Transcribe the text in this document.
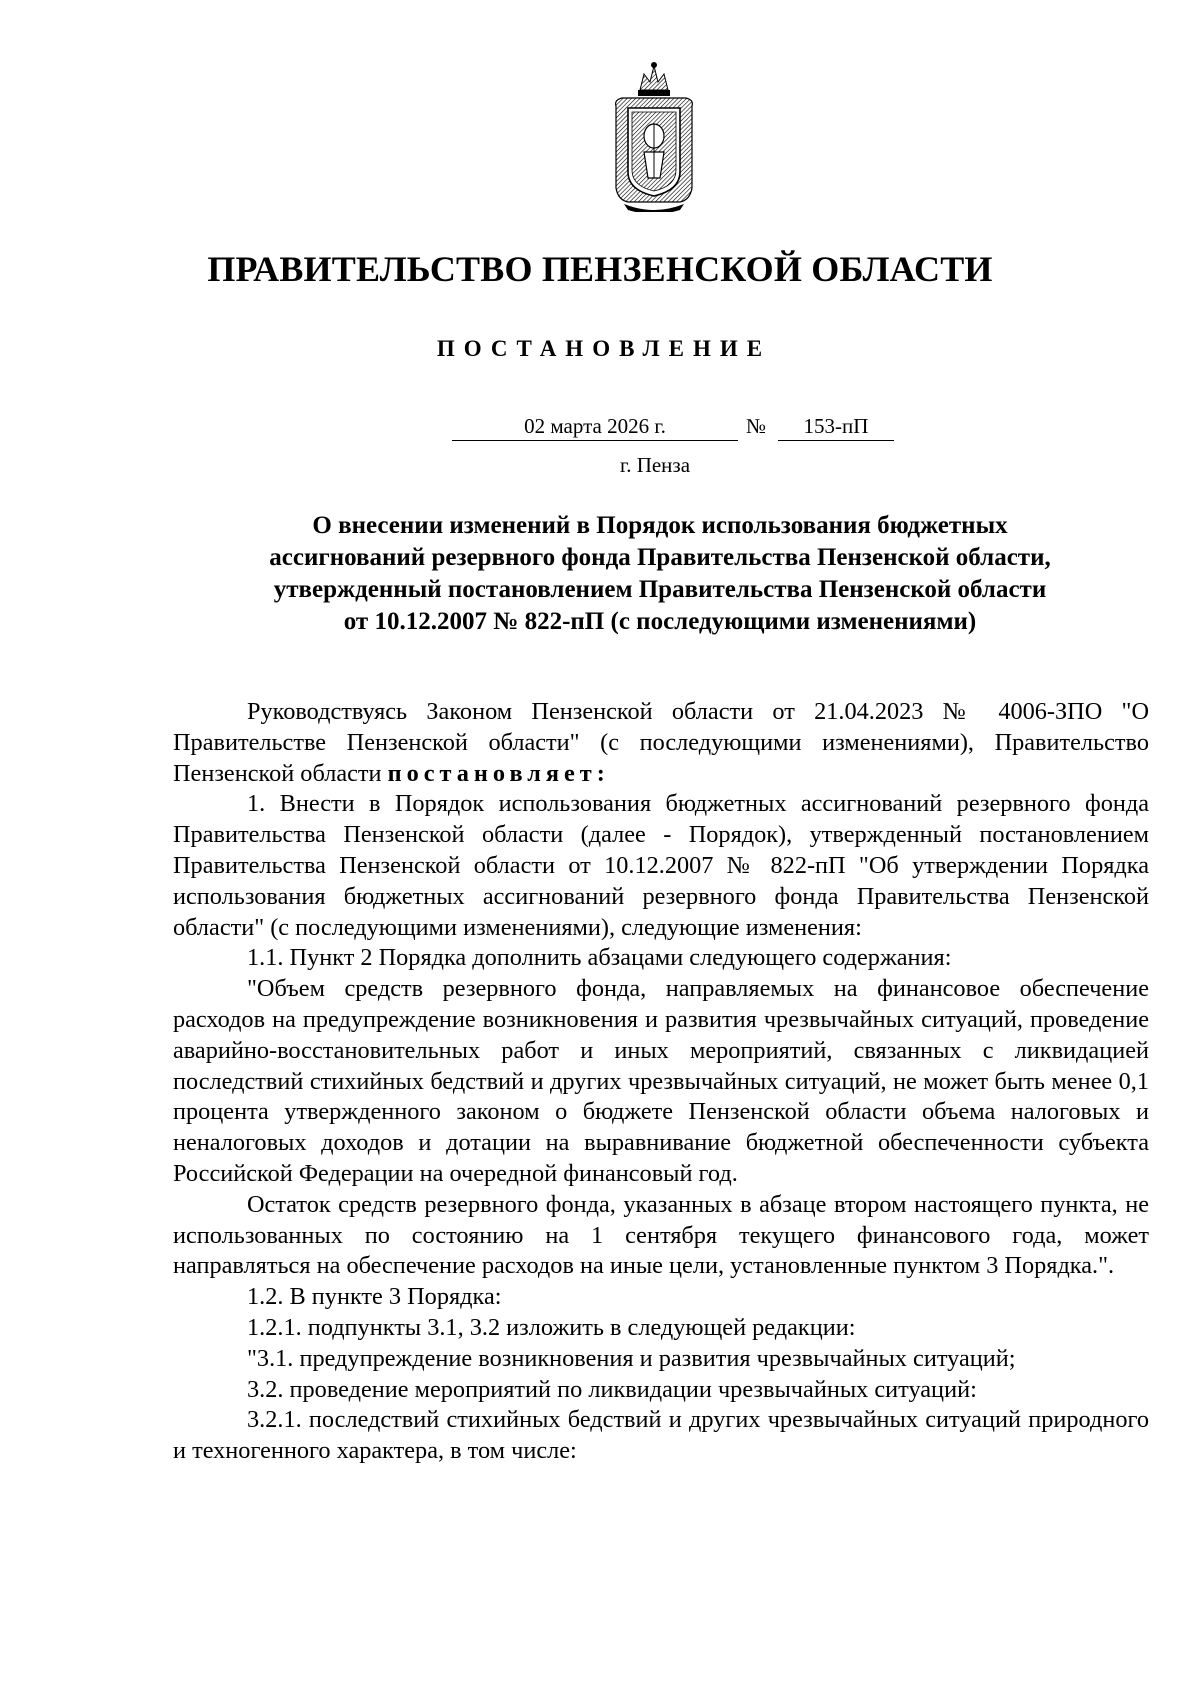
ПРАВИТЕЛЬСТВО ПЕНЗЕНСКОЙ ОБЛАСТИ
ПОСТАНОВЛЕНИЕ
02 марта 2026 г.	№	153-пП
г. Пенза
О внесении изменений в Порядок использования бюджетных
ассигнований резервного фонда Правительства Пензенской области,
утвержденный постановлением Правительства Пензенской области
от 10.12.2007 № 822-пП (с последующими изменениями)

Руководствуясь Законом Пензенской области от 21.04.2023 № 4006-ЗПО "О Правительстве Пензенской области" (с последующими изменениями), Правительство Пензенской области постановляет:

1. Внести в Порядок использования бюджетных ассигнований резервного фонда Правительства Пензенской области (далее - Порядок), утвержденный постановлением Правительства Пензенской области от 10.12.2007 № 822-пП "Об утверждении Порядка использования бюджетных ассигнований резервного фонда Правительства Пензенской области" (с последующими изменениями), следующие изменения:

1.1. Пункт 2 Порядка дополнить абзацами следующего содержания:

"Объем средств резервного фонда, направляемых на финансовое обеспечение расходов на предупреждение возникновения и развития чрезвычайных ситуаций, проведение аварийно-восстановительных работ и иных мероприятий, связанных с ликвидацией последствий стихийных бедствий и других чрезвычайных ситуаций, не может быть менее 0,1 процента утвержденного законом о бюджете Пензенской области объема налоговых и неналоговых доходов и дотации на выравнивание бюджетной обеспеченности субъекта Российской Федерации на очередной финансовый год.

Остаток средств резервного фонда, указанных в абзаце втором настоящего пункта, не использованных по состоянию на 1 сентября текущего финансового года, может направляться на обеспечение расходов на иные цели, установленные пунктом 3 Порядка.".

1.2. В пункте 3 Порядка:

1.2.1. подпункты 3.1, 3.2 изложить в следующей редакции:

"3.1. предупреждение возникновения и развития чрезвычайных ситуаций;

3.2. проведение мероприятий по ликвидации чрезвычайных ситуаций:

3.2.1. последствий стихийных бедствий и других чрезвычайных ситуаций природного и техногенного характера, в том числе:
